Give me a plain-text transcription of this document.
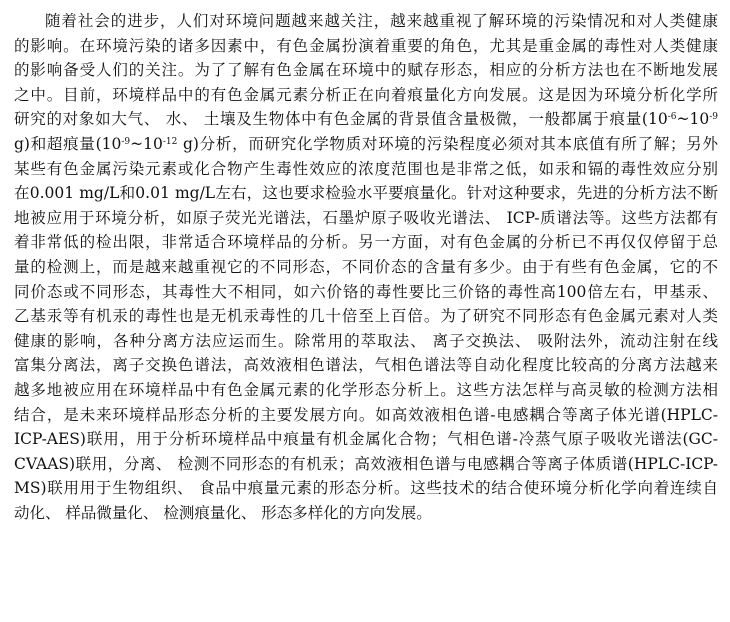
随着社会的进步，人们对环境问题越来越关注，越来越重视了解环境的污染情况和对人类健康
的影响。在环境污染的诸多因素中，有色金属扮演着重要的角色，尤其是重金属的毒性对人类健康
的影响备受人们的关注。为了了解有色金属在环境中的赋存形态，相应的分析方法也在不断地发展
之中。目前，环境样品中的有色金属元素分析正在向着痕量化方向发展。这是因为环境分析化学所
研究的对象如大气、 水、 土壤及生物体中有色金属的背景值含量极微，一般都属于痕量($10^{-6}\sim 10^{-9}$
g)和超痕量($10^{-9}\sim 10^{-12}$ g)分析，而研究化学物质对环境的污染程度必须对其本底值有所了解；另外
某些有色金属污染元素或化合物产生毒性效应的浓度范围也是非常之低，如汞和镉的毒性效应分别
在0.001 mg/L和0.01 mg/L左右，这也要求检验水平要痕量化。针对这种要求，先进的分析方法不断
地被应用于环境分析，如原子荧光光谱法，石墨炉原子吸收光谱法、 ICP-质谱法等。这些方法都有
着非常低的检出限，非常适合环境样品的分析。另一方面，对有色金属的分析已不再仅仅停留于总
量的检测上，而是越来越重视它的不同形态，不同价态的含量有多少。由于有些有色金属，它的不
同价态或不同形态，其毒性大不相同，如六价铬的毒性要比三价铬的毒性高100倍左右，甲基汞、
乙基汞等有机汞的毒性也是无机汞毒性的几十倍至上百倍。为了研究不同形态有色金属元素对人类
健康的影响，各种分离方法应运而生。除常用的萃取法、 离子交换法、 吸附法外，流动注射在线
富集分离法，离子交换色谱法，高效液相色谱法，气相色谱法等自动化程度比较高的分离方法越来
越多地被应用在环境样品中有色金属元素的化学形态分析上。这些方法怎样与高灵敏的检测方法相
结合，是未来环境样品形态分析的主要发展方向。如高效液相色谱-电感耦合等离子体光谱(HPLC-
ICP-AES)联用，用于分析环境样品中痕量有机金属化合物；气相色谱-冷蒸气原子吸收光谱法(GC-
CVAAS)联用，分离、 检测不同形态的有机汞；高效液相色谱与电感耦合等离子体质谱(HPLC-ICP-
MS)联用用于生物组织、 食品中痕量元素的形态分析。这些技术的结合使环境分析化学向着连续自
动化、 样品微量化、 检测痕量化、 形态多样化的方向发展。
